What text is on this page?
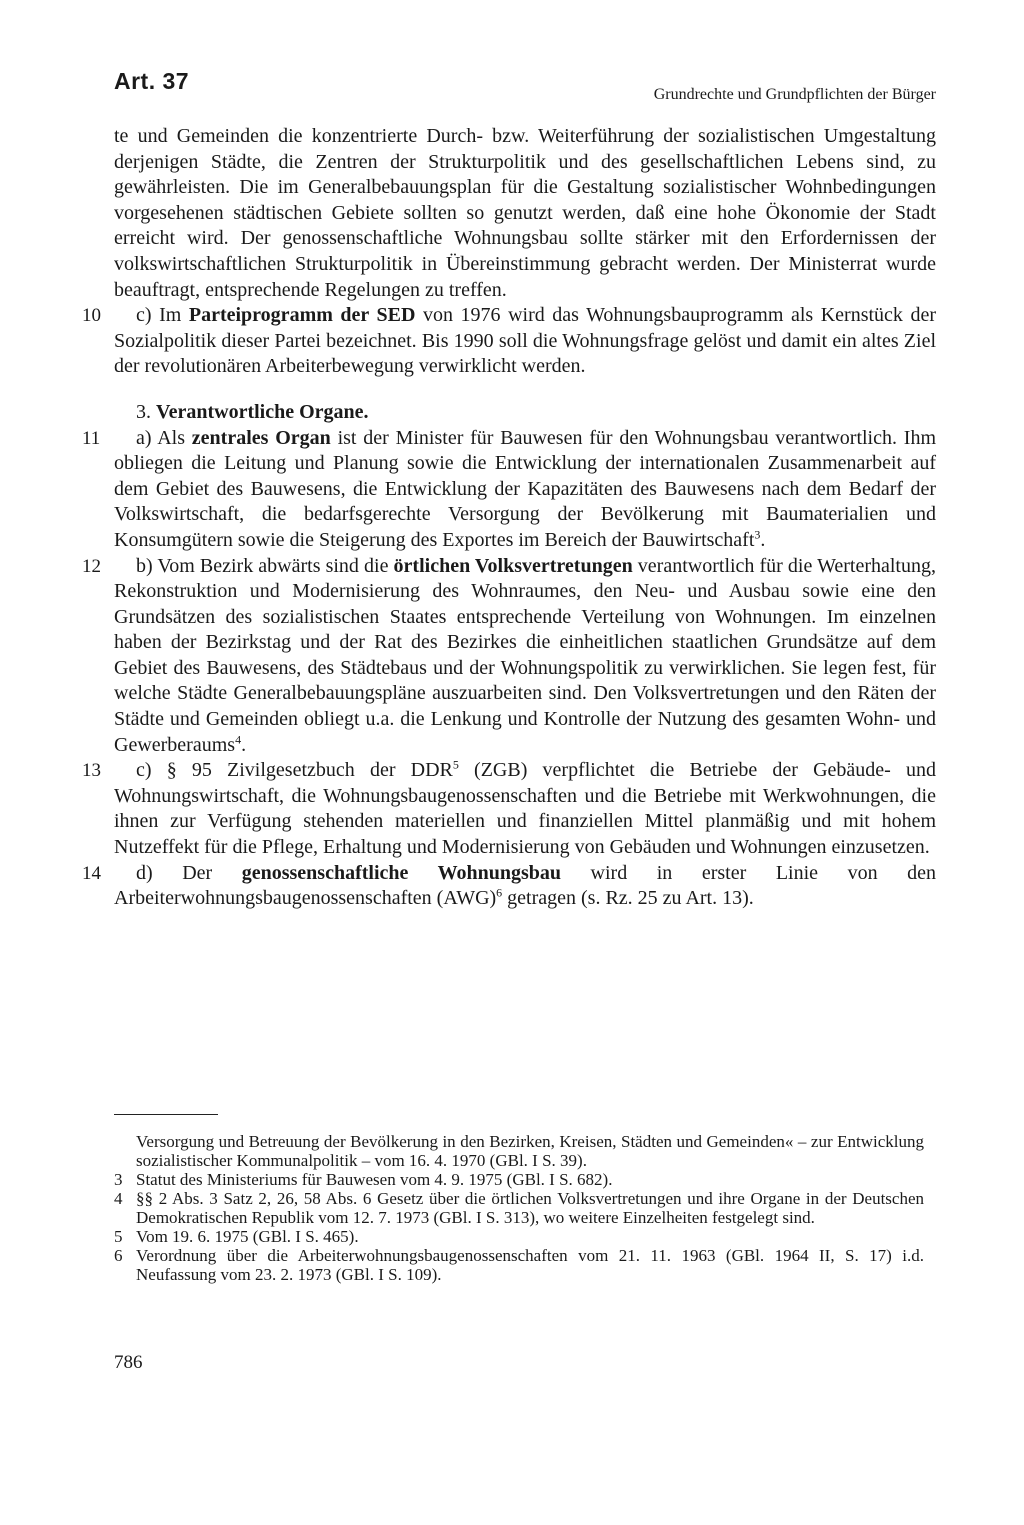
Art. 37
Grundrechte und Grundpflichten der Bürger

te und Gemeinden die konzentrierte Durch- bzw. Weiterführung der sozialistischen Umgestaltung derjenigen Städte, die Zentren der Strukturpolitik und des gesellschaftlichen Lebens sind, zu gewährleisten. Die im Generalbebauungsplan für die Gestaltung sozialistischer Wohnbedingungen vorgesehenen städtischen Gebiete sollten so genutzt werden, daß eine hohe Ökonomie der Stadt erreicht wird. Der genossenschaftliche Wohnungsbau sollte stärker mit den Erfordernissen der volkswirtschaftlichen Strukturpolitik in Übereinstimmung gebracht werden. Der Ministerrat wurde beauftragt, entsprechende Regelungen zu treffen.

10 c) Im Parteiprogramm der SED von 1976 wird das Wohnungsbauprogramm als Kernstück der Sozialpolitik dieser Partei bezeichnet. Bis 1990 soll die Wohnungsfrage gelöst und damit ein altes Ziel der revolutionären Arbeiterbewegung verwirklicht werden.

3. Verantwortliche Organe.

11 a) Als zentrales Organ ist der Minister für Bauwesen für den Wohnungsbau verantwortlich. Ihm obliegen die Leitung und Planung sowie die Entwicklung der internationalen Zusammenarbeit auf dem Gebiet des Bauwesens, die Entwicklung der Kapazitäten des Bauwesens nach dem Bedarf der Volkswirtschaft, die bedarfsgerechte Versorgung der Bevölkerung mit Baumaterialien und Konsumgütern sowie die Steigerung des Exportes im Bereich der Bauwirtschaft$^3$.

12 b) Vom Bezirk abwärts sind die örtlichen Volksvertretungen verantwortlich für die Werterhaltung, Rekonstruktion und Modernisierung des Wohnraumes, den Neu- und Ausbau sowie eine den Grundsätzen des sozialistischen Staates entsprechende Verteilung von Wohnungen. Im einzelnen haben der Bezirkstag und der Rat des Bezirkes die einheitlichen staatlichen Grundsätze auf dem Gebiet des Bauwesens, des Städtebaus und der Wohnungspolitik zu verwirklichen. Sie legen fest, für welche Städte Generalbebauungspläne auszuarbeiten sind. Den Volksvertretungen und den Räten der Städte und Gemeinden obliegt u.a. die Lenkung und Kontrolle der Nutzung des gesamten Wohn- und Gewerberaums$^4$.

13 c) § 95 Zivilgesetzbuch der DDR$^5$ (ZGB) verpflichtet die Betriebe der Gebäude- und Wohnungswirtschaft, die Wohnungsbaugenossenschaften und die Betriebe mit Werkwohnungen, die ihnen zur Verfügung stehenden materiellen und finanziellen Mittel planmäßig und mit hohem Nutzeffekt für die Pflege, Erhaltung und Modernisierung von Gebäuden und Wohnungen einzusetzen.

14 d) Der genossenschaftliche Wohnungsbau wird in erster Linie von den Arbeiterwohnungsbaugenossenschaften (AWG)$^6$ getragen (s. Rz. 25 zu Art. 13).

Versorgung und Betreuung der Bevölkerung in den Bezirken, Kreisen, Städten und Gemeinden« – zur Entwicklung sozialistischer Kommunalpolitik – vom 16. 4. 1970 (GBl. I S. 39).

3 Statut des Ministeriums für Bauwesen vom 4. 9. 1975 (GBl. I S. 682).

4 §§ 2 Abs. 3 Satz 2, 26, 58 Abs. 6 Gesetz über die örtlichen Volksvertretungen und ihre Organe in der Deutschen Demokratischen Republik vom 12. 7. 1973 (GBl. I S. 313), wo weitere Einzelheiten festgelegt sind.

5 Vom 19. 6. 1975 (GBl. I S. 465).

6 Verordnung über die Arbeiterwohnungsbaugenossenschaften vom 21. 11. 1963 (GBl. 1964 II, S. 17) i.d. Neufassung vom 23. 2. 1973 (GBl. I S. 109).

786
